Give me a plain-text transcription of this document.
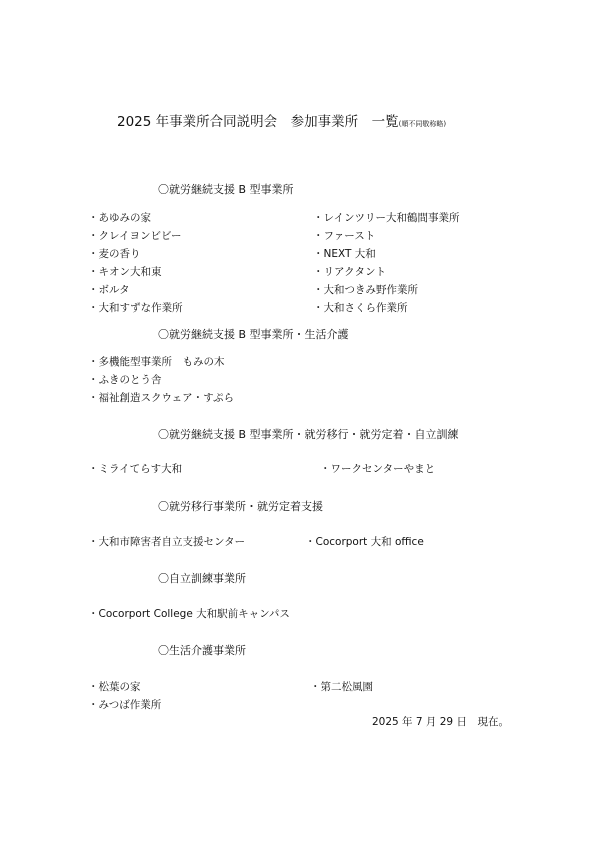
2025 年事業所合同説明会　参加事業所　一覧(順不同敬称略)
〇就労継続支援 B 型事業所
・あゆみの家
・クレイヨンビビー
・麦の香り
・キオン大和東
・ボルタ
・大和すずな作業所
・レインツリー大和鶴間事業所
・ファースト
・NEXT 大和
・リアクタント
・大和つきみ野作業所
・大和さくら作業所
〇就労継続支援 B 型事業所・生活介護
・多機能型事業所　もみの木
・ふきのとう舎
・福祉創造スクウェア・すぷら
〇就労継続支援 B 型事業所・就労移行・就労定着・自立訓練
・ミライてらす大和	・ワークセンターやまと
〇就労移行事業所・就労定着支援
・大和市障害者自立支援センター	・Cocorport 大和 office
〇自立訓練事業所
・Cocorport College 大和駅前キャンパス
〇生活介護事業所
・松葉の家
・みつば作業所
・第二松風園
2025 年 7 月 29 日　現在。
